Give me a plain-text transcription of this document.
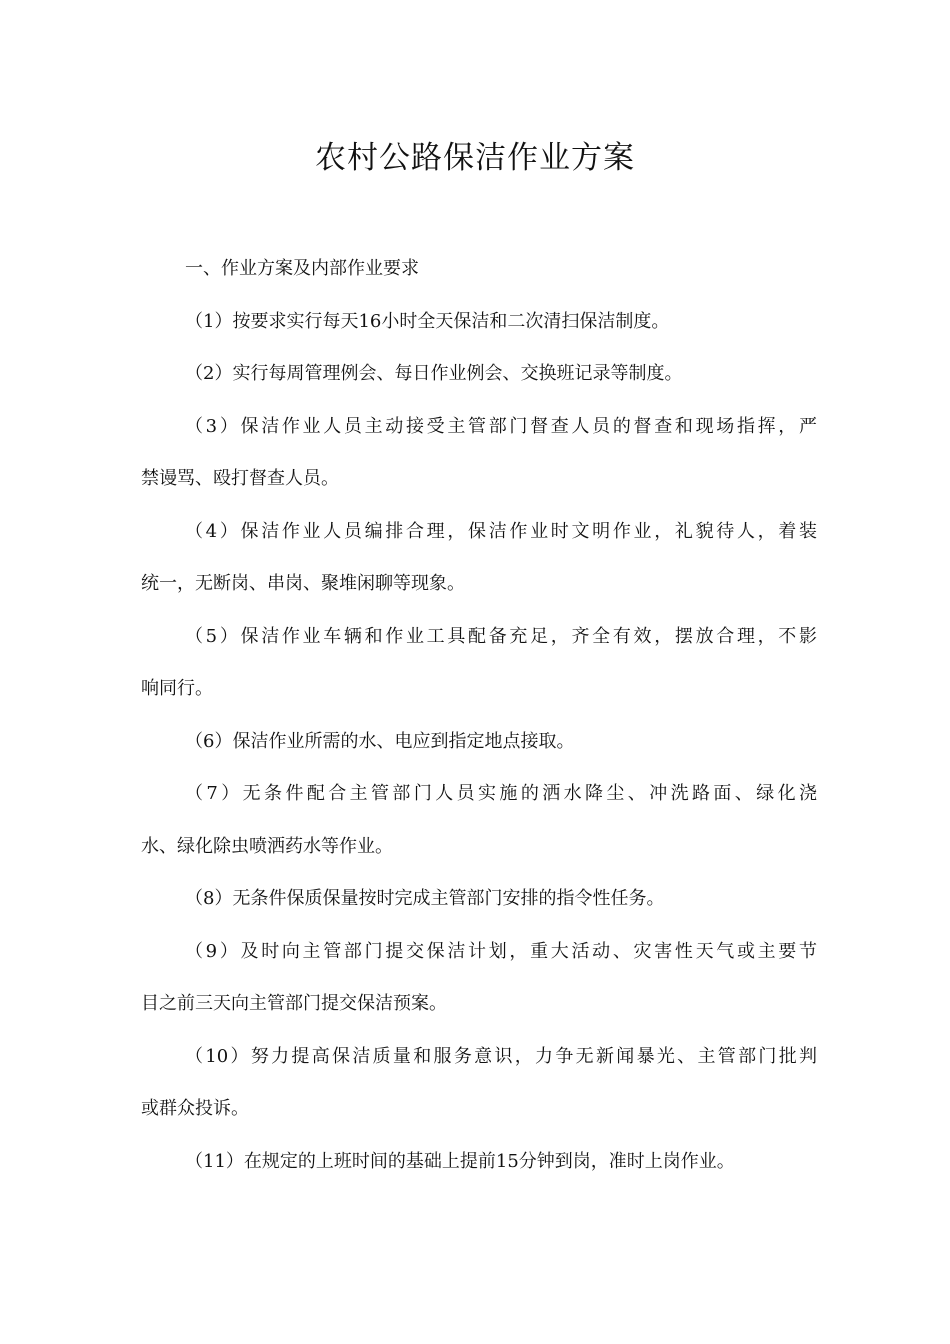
农村公路保洁作业方案
一、作业方案及内部作业要求
（1）按要求实行每天16小时全天保洁和二次清扫保洁制度。
（2）实行每周管理例会、每日作业例会、交换班记录等制度。
（3）保洁作业人员主动接受主管部门督查人员的督查和现场指挥，严
禁谩骂、殴打督查人员。
（4）保洁作业人员编排合理，保洁作业时文明作业，礼貌待人，着装
统一，无断岗、串岗、聚堆闲聊等现象。
（5）保洁作业车辆和作业工具配备充足，齐全有效，摆放合理，不影
响同行。
（6）保洁作业所需的水、电应到指定地点接取。
（7）无条件配合主管部门人员实施的洒水降尘、冲洗路面、绿化浇
水、绿化除虫喷洒药水等作业。
（8）无条件保质保量按时完成主管部门安排的指令性任务。
（9）及时向主管部门提交保洁计划，重大活动、灾害性天气或主要节
目之前三天向主管部门提交保洁预案。
（10）努力提高保洁质量和服务意识，力争无新闻暴光、主管部门批判
或群众投诉。
（11）在规定的上班时间的基础上提前15分钟到岗，准时上岗作业。
